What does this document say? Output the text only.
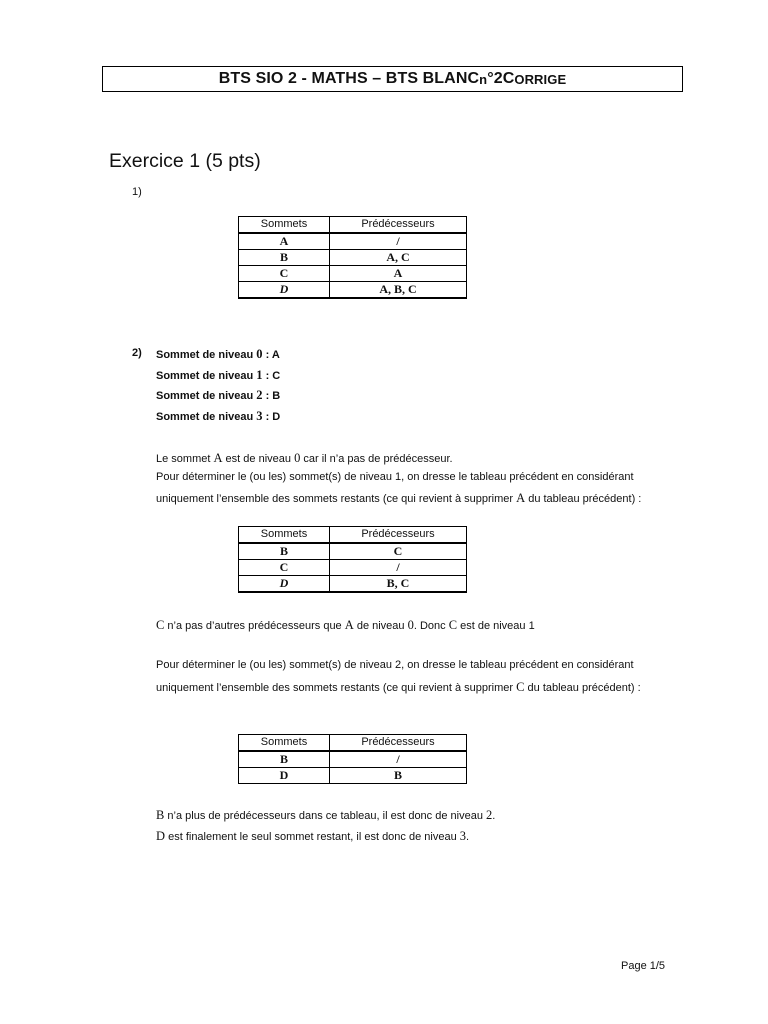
BTS SIO 2 - MATHS – BTS BLANC n °2 C ORRIGE
Exercice 1 (5 pts)
1)
Sommets	Prédécesseurs
A	/
B	A, C
C	A
D	A, B, C
2) Sommet de niveau 0 : A
Sommet de niveau 1 : C
Sommet de niveau 2 : B
Sommet de niveau 3 : D
Le sommet A est de niveau 0 car il n’a pas de prédécesseur.
Pour déterminer le (ou les) sommet(s) de niveau 1, on dresse le tableau précédent en considérant
uniquement l’ensemble des sommets restants (ce qui revient à supprimer A du tableau précédent) :
Sommets	Prédécesseurs
B	C
C	/
D	B, C
C n’a pas d’autres prédécesseurs que A de niveau 0. Donc C est de niveau 1
Pour déterminer le (ou les) sommet(s) de niveau 2, on dresse le tableau précédent en considérant
uniquement l’ensemble des sommets restants (ce qui revient à supprimer C du tableau précédent) :
Sommets	Prédécesseurs
B	/
D	B
B n’a plus de prédécesseurs dans ce tableau, il est donc de niveau 2.
D est finalement le seul sommet restant, il est donc de niveau 3.
Page 1/5
